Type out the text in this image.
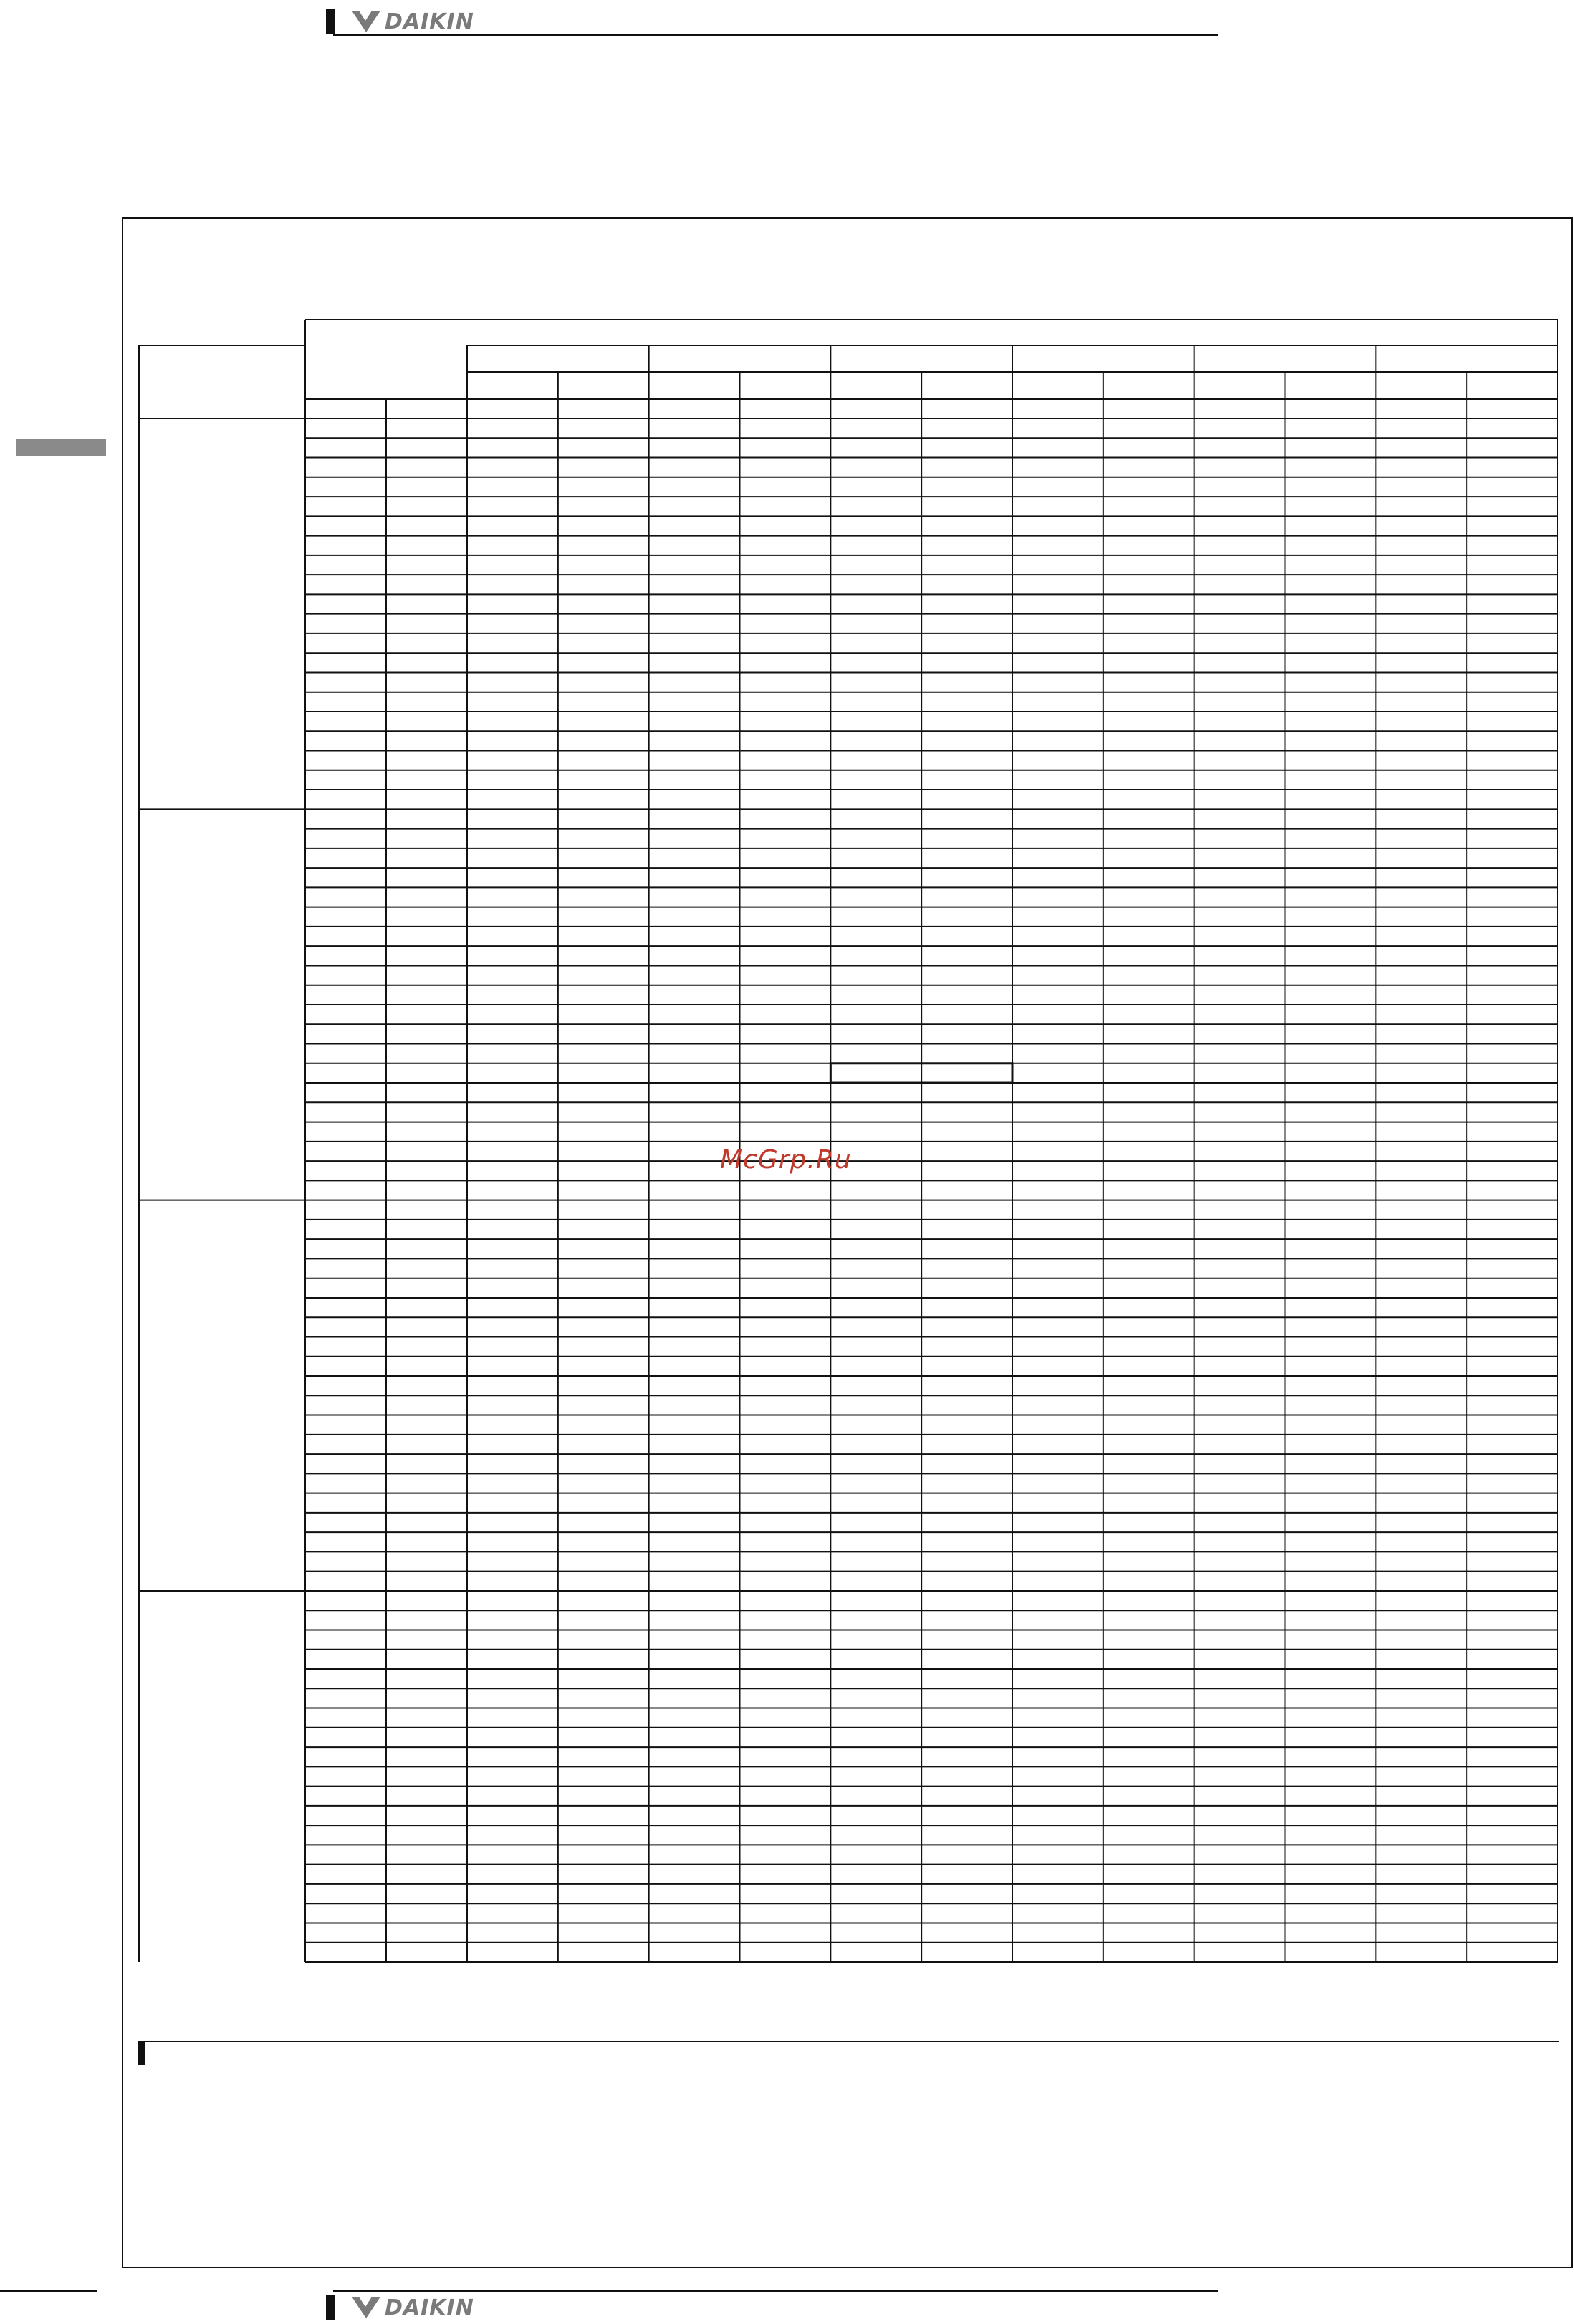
DAIKIN
McGrp.Ru
DAIKIN
